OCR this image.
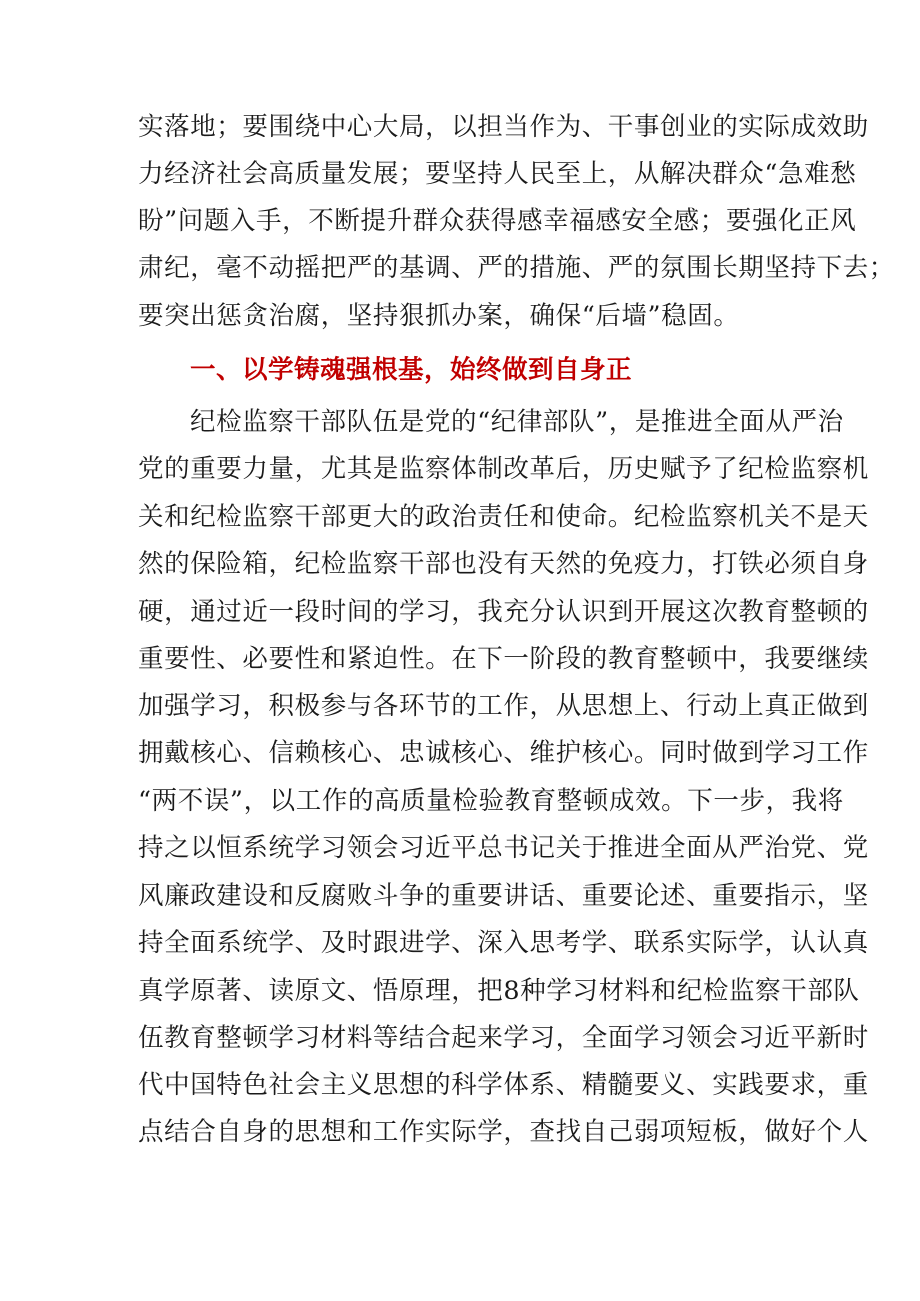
实落地；要围绕中心大局，以担当作为、干事创业的实际成效助
力经济社会高质量发展；要坚持人民至上，从解决群众“急难愁
盼”问题入手，不断提升群众获得感幸福感安全感；要强化正风
肃纪，毫不动摇把严的基调、严的措施、严的氛围长期坚持下去；
要突出惩贪治腐，坚持狠抓办案，确保“后墙”稳固。
一、以学铸魂强根基，始终做到自身正
纪检监察干部队伍是党的“纪律部队”，是推进全面从严治
党的重要力量，尤其是监察体制改革后，历史赋予了纪检监察机
关和纪检监察干部更大的政治责任和使命。纪检监察机关不是天
然的保险箱，纪检监察干部也没有天然的免疫力，打铁必须自身
硬，通过近一段时间的学习，我充分认识到开展这次教育整顿的
重要性、必要性和紧迫性。在下一阶段的教育整顿中，我要继续
加强学习，积极参与各环节的工作，从思想上、行动上真正做到
拥戴核心、信赖核心、忠诚核心、维护核心。同时做到学习工作
“两不误”，以工作的高质量检验教育整顿成效。下一步，我将
持之以恒系统学习领会习近平总书记关于推进全面从严治党、党
风廉政建设和反腐败斗争的重要讲话、重要论述、重要指示，坚
持全面系统学、及时跟进学、深入思考学、联系实际学，认认真
真学原著、读原文、悟原理，把8种学习材料和纪检监察干部队
伍教育整顿学习材料等结合起来学习，全面学习领会习近平新时
代中国特色社会主义思想的科学体系、精髓要义、实践要求，重
点结合自身的思想和工作实际学，查找自己弱项短板，做好个人
